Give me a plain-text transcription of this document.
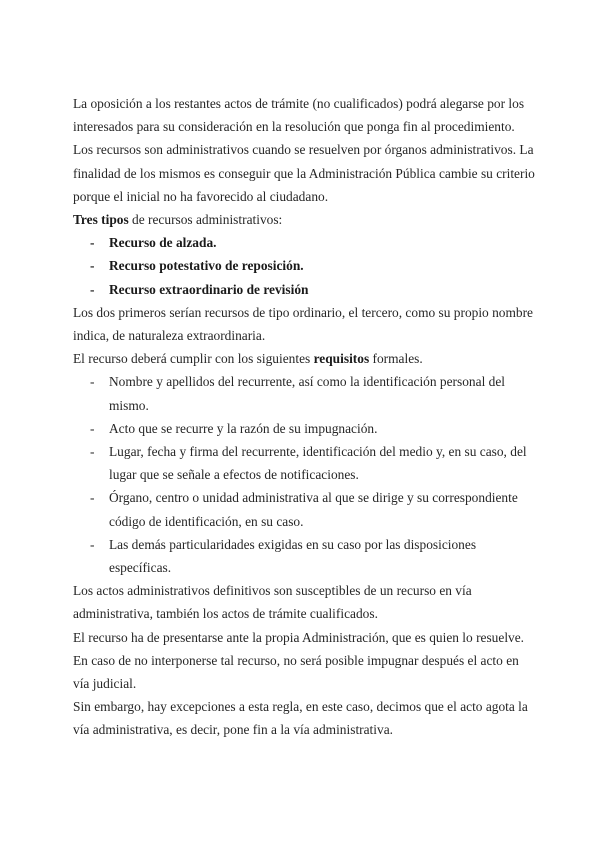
La oposición a los restantes actos de trámite (no cualificados) podrá alegarse por los interesados para su consideración en la resolución que ponga fin al procedimiento.

Los recursos son administrativos cuando se resuelven por órganos administrativos. La finalidad de los mismos es conseguir que la Administración Pública cambie su criterio porque el inicial no ha favorecido al ciudadano.

Tres tipos de recursos administrativos:

- Recurso de alzada.
- Recurso potestativo de reposición.
- Recurso extraordinario de revisión

Los dos primeros serían recursos de tipo ordinario, el tercero, como su propio nombre indica, de naturaleza extraordinaria.

El recurso deberá cumplir con los siguientes requisitos formales.

- Nombre y apellidos del recurrente, así como la identificación personal del mismo.
- Acto que se recurre y la razón de su impugnación.
- Lugar, fecha y firma del recurrente, identificación del medio y, en su caso, del lugar que se señale a efectos de notificaciones.
- Órgano, centro o unidad administrativa al que se dirige y su correspondiente código de identificación, en su caso.
- Las demás particularidades exigidas en su caso por las disposiciones específicas.

Los actos administrativos definitivos son susceptibles de un recurso en vía administrativa, también los actos de trámite cualificados.

El recurso ha de presentarse ante la propia Administración, que es quien lo resuelve. En caso de no interponerse tal recurso, no será posible impugnar después el acto en vía judicial.

Sin embargo, hay excepciones a esta regla, en este caso, decimos que el acto agota la vía administrativa, es decir, pone fin a la vía administrativa.
